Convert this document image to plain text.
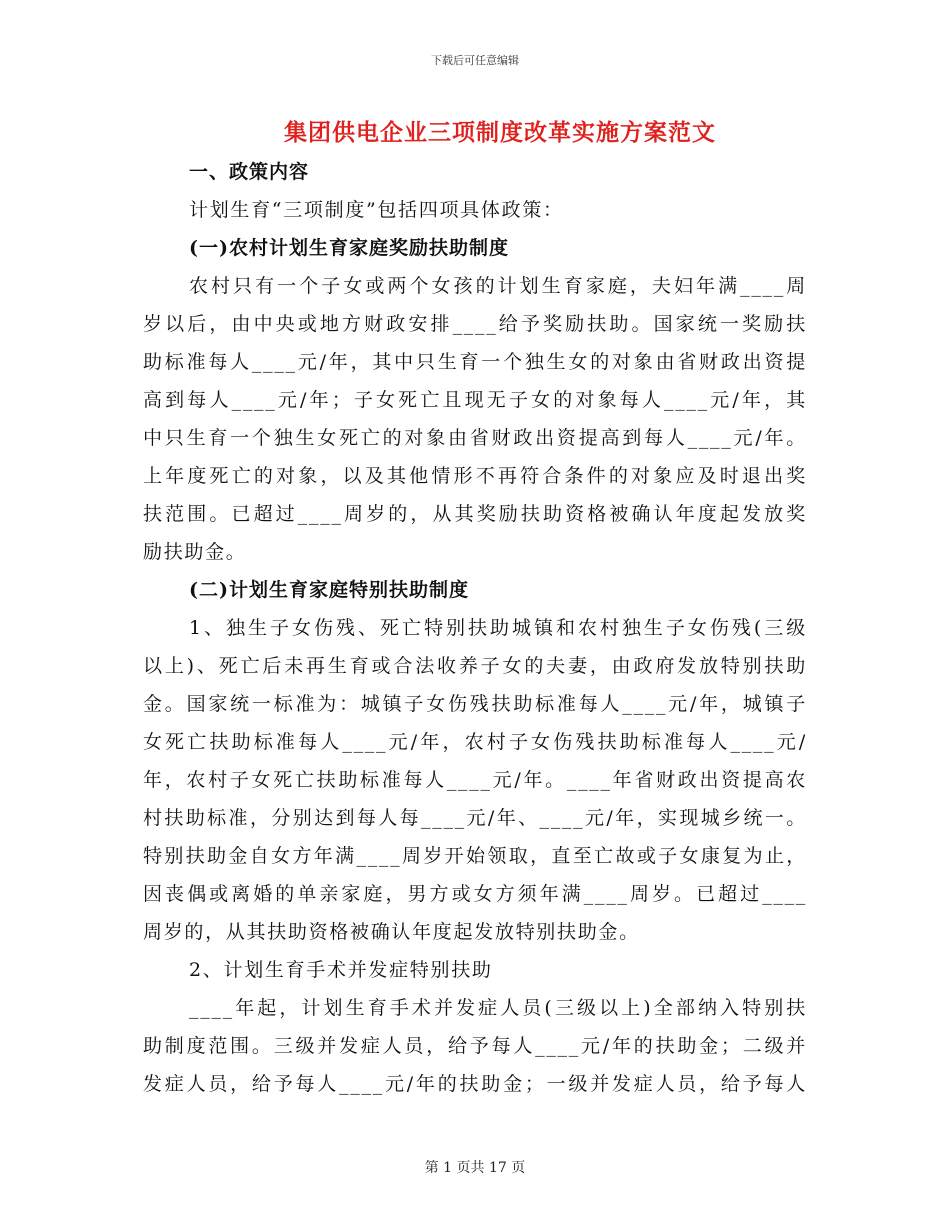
下载后可任意编辑
集团供电企业三项制度改革实施方案范文
一、政策内容
计划生育“三项制度”包括四项具体政策：
(一)农村计划生育家庭奖励扶助制度
农村只有一个子女或两个女孩的计划生育家庭，夫妇年满____周
岁以后，由中央或地方财政安排____给予奖励扶助。国家统一奖励扶
助标准每人____元/年，其中只生育一个独生女的对象由省财政出资提
高到每人____元/年；子女死亡且现无子女的对象每人____元/年，其
中只生育一个独生女死亡的对象由省财政出资提高到每人____元/年。
上年度死亡的对象，以及其他情形不再符合条件的对象应及时退出奖
扶范围。已超过____周岁的，从其奖励扶助资格被确认年度起发放奖
励扶助金。
(二)计划生育家庭特别扶助制度
1、独生子女伤残、死亡特别扶助城镇和农村独生子女伤残(三级
以上)、死亡后未再生育或合法收养子女的夫妻，由政府发放特别扶助
金。国家统一标准为：城镇子女伤残扶助标准每人____元/年，城镇子
女死亡扶助标准每人____元/年，农村子女伤残扶助标准每人____元/
年，农村子女死亡扶助标准每人____元/年。____年省财政出资提高农
村扶助标准，分别达到每人每____元/年、____元/年，实现城乡统一。
特别扶助金自女方年满____周岁开始领取，直至亡故或子女康复为止，
因丧偶或离婚的单亲家庭，男方或女方须年满____周岁。已超过____
周岁的，从其扶助资格被确认年度起发放特别扶助金。
2、计划生育手术并发症特别扶助
____年起，计划生育手术并发症人员(三级以上)全部纳入特别扶
助制度范围。三级并发症人员，给予每人____元/年的扶助金；二级并
发症人员，给予每人____元/年的扶助金；一级并发症人员，给予每人
第 1 页共 17 页
